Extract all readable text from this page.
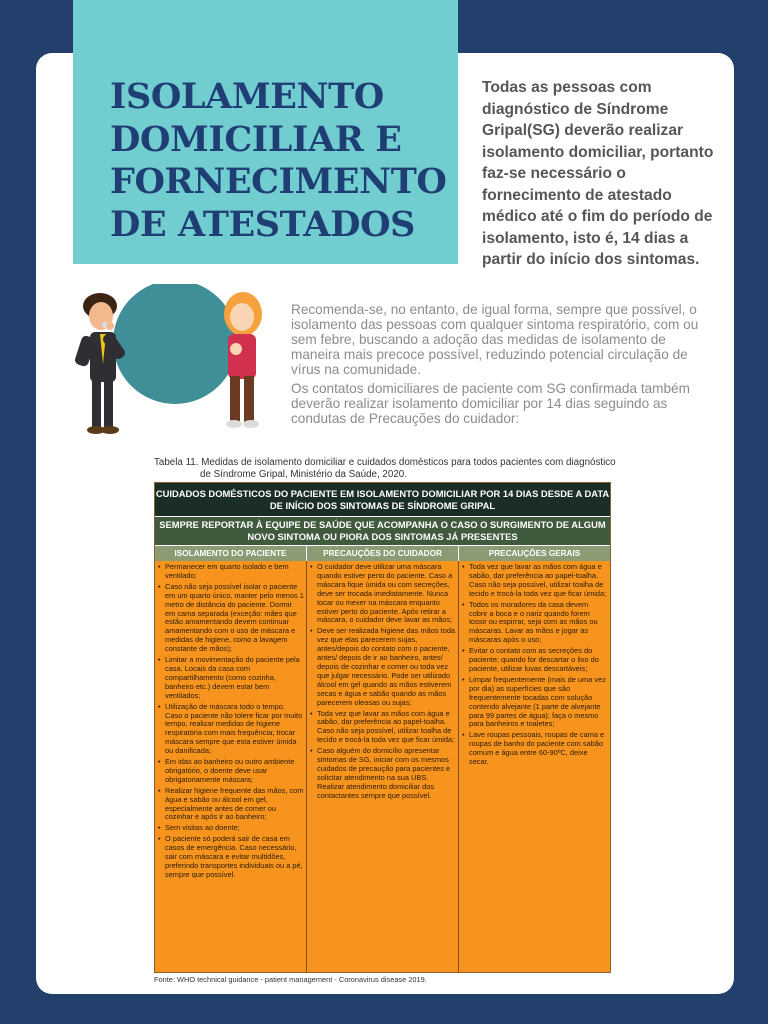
ISOLAMENTO DOMICILIAR E FORNECIMENTO DE ATESTADOS

Todas as pessoas com diagnóstico de Síndrome Gripal(SG) deverão realizar isolamento domiciliar, portanto faz-se necessário o fornecimento de atestado médico até o fim do período de isolamento, isto é, 14 dias a partir do início dos sintomas.

Recomenda-se, no entanto, de igual forma, sempre que possível, o isolamento das pessoas com qualquer sintoma respiratório, com ou sem febre, buscando a adoção das medidas de isolamento de maneira mais precoce possível, reduzindo potencial circulação de vírus na comunidade.

Os contatos domiciliares de paciente com SG confirmada também deverão realizar isolamento domiciliar por 14 dias seguindo as condutas de Precauções do cuidador:

Tabela 11. Medidas de isolamento domiciliar e cuidados domésticos para todos pacientes com diagnóstico
de Síndrome Gripal, Ministério da Saúde, 2020.

CUIDADOS DOMÉSTICOS DO PACIENTE EM ISOLAMENTO DOMICILIAR POR 14 DIAS DESDE A DATA DE INÍCIO DOS SINTOMAS DE SÍNDROME GRIPAL
SEMPRE REPORTAR À EQUIPE DE SAÚDE QUE ACOMPANHA O CASO O SURGIMENTO DE ALGUM NOVO SINTOMA OU PIORA DOS SINTOMAS JÁ PRESENTES
ISOLAMENTO DO PACIENTE	PRECAUÇÕES DO CUIDADOR	PRECAUÇÕES GERAIS
• Permanecer em quarto isolado e bem ventilado;
• Caso não seja possível isolar o paciente em um quarto único, manter pelo menos 1 metro de distância do paciente. Dormir em cama separada (exceção: mães que estão amamentando devem continuar amamentando com o uso de máscara e medidas de higiene, como a lavagem constante de mãos);
• Limitar a movimentação do paciente pela casa. Locais da casa com compartilhamento (como cozinha, banheiro etc.) devem estar bem ventilados;
• Utilização de máscara todo o tempo. Caso o paciente não tolere ficar por muito tempo, realizar medidas de higiene respiratória com mais frequência; trocar máscara sempre que esta estiver úmida ou danificada;
• Em idas ao banheiro ou outro ambiente obrigatório, o doente deve usar obrigatoriamente máscara;
• Realizar higiene frequente das mãos, com água e sabão ou álcool em gel, especialmente antes de comer ou cozinhar e após ir ao banheiro;
• Sem visitas ao doente;
• O paciente só poderá sair de casa em casos de emergência. Caso necessário, sair com máscara e evitar multidões, preferindo transportes individuais ou a pé, sempre que possível.
• O cuidador deve utilizar uma máscara quando estiver perto do paciente. Caso a máscara fique úmida ou com secreções, deve ser trocada imediatamente. Nunca tocar ou mexer na máscara enquanto estiver perto do paciente. Após retirar a máscara, o cuidador deve lavar as mãos;
• Deve ser realizada higiene das mãos toda vez que elas parecerem sujas, antes/depois do contato com o paciente, antes/ depois de ir ao banheiro, antes/ depois de cozinhar e comer ou toda vez que julgar necessário. Pode ser utilizado álcool em gel quando as mãos estiverem secas e água e sabão quando as mãos parecerem oleosas ou sujas;
• Toda vez que lavar as mãos com água e sabão, dar preferência ao papel-toalha. Caso não seja possível, utilizar toalha de tecido e trocá-la toda vez que ficar úmida;
• Caso alguém do domicílio apresentar sintomas de SG, iniciar com os mesmos cuidados de precaução para pacientes e solicitar atendimento na sua UBS. Realizar atendimento domiciliar dos contactantes sempre que possível.
• Toda vez que lavar as mãos com água e sabão, dar preferência ao papel-toalha. Caso não seja possível, utilizar toalha de tecido e trocá-la toda vez que ficar úmida;
• Todos os moradores da casa devem cobrir a boca e o nariz quando forem tossir ou espirrar, seja com as mãos ou máscaras. Lavar as mãos e jogar as máscaras após o uso;
• Evitar o contato com as secreções do paciente; quando for descartar o lixo do paciente, utilizar luvas descartáveis;
• Limpar frequentemente (mais de uma vez por dia) as superfícies que são frequentemente tocadas com solução contendo alvejante (1 parte de alvejante para 99 partes de água); faça o mesmo para banheiros e toaletes;
• Lave roupas pessoais, roupas de cama e roupas de banho do paciente com sabão comum e água entre 60-90ºC, deixe secar.

Fonte: WHO technical guidance - patient management - Coronavirus disease 2019.
